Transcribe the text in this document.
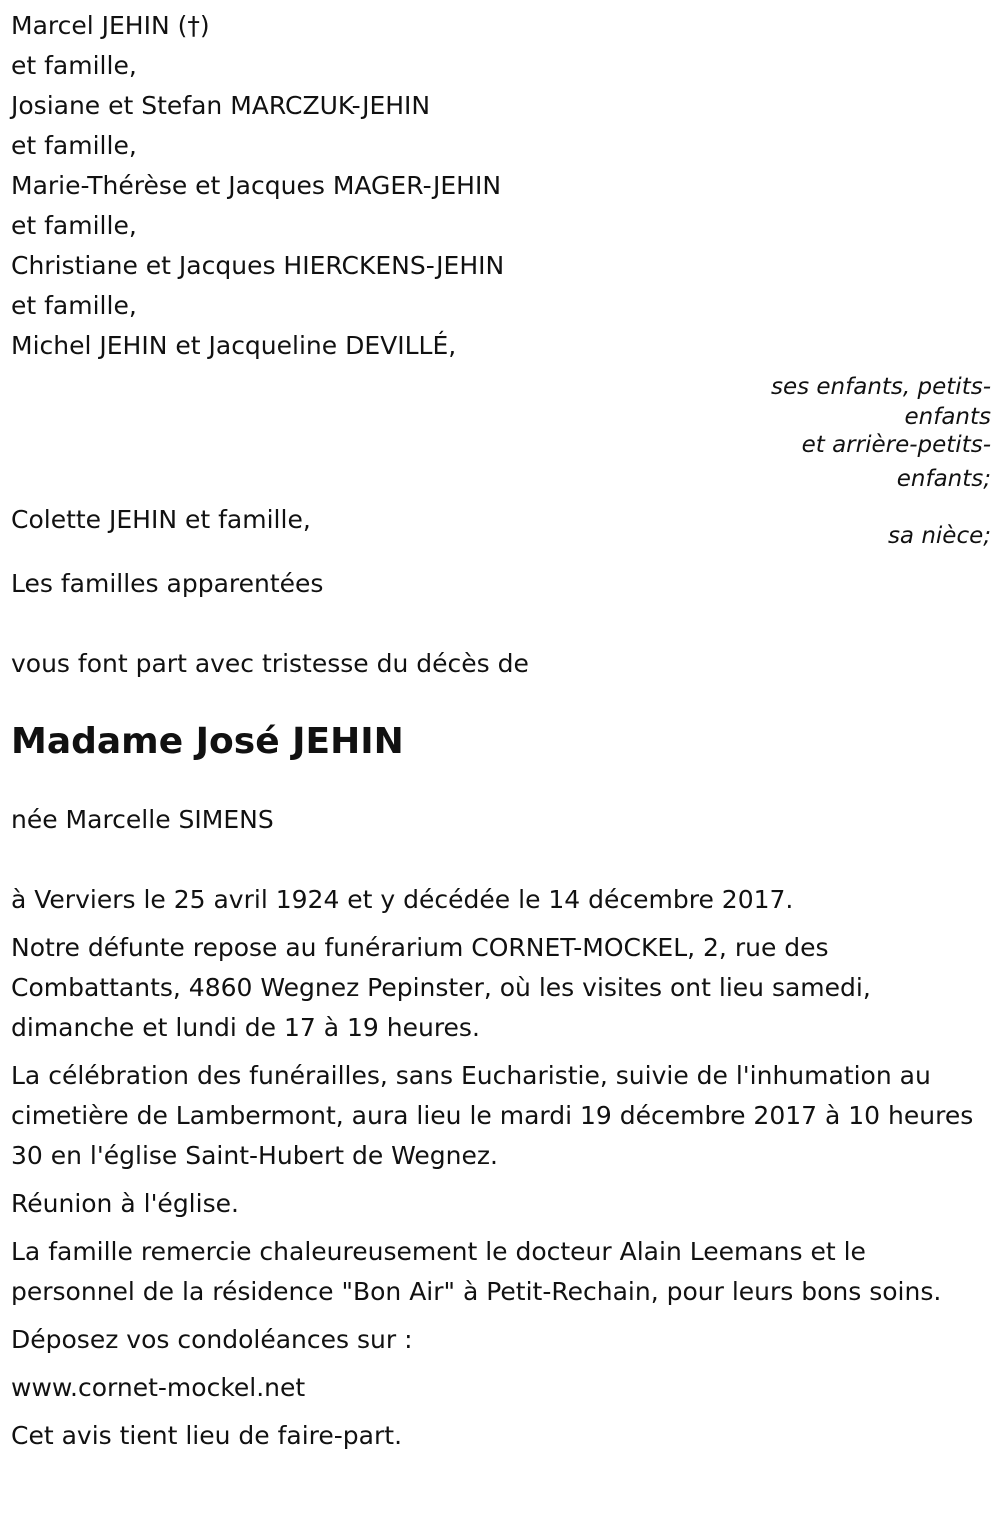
Marcel JEHIN (†)
et famille,
Josiane et Stefan MARCZUK-JEHIN
et famille,
Marie-Thérèse et Jacques MAGER-JEHIN
et famille,
Christiane et Jacques HIERCKENS-JEHIN
et famille,
Michel JEHIN et Jacqueline DEVILLÉ,
ses enfants, petits-
enfants
et arrière-petits-
enfants;
Colette JEHIN et famille,
sa nièce;
Les familles apparentées
vous font part avec tristesse du décès de
Madame José JEHIN
née Marcelle SIMENS
à Verviers le 25 avril 1924 et y décédée le 14 décembre 2017.
Notre défunte repose au funérarium CORNET-MOCKEL, 2, rue des Combattants, 4860 Wegnez Pepinster, où les visites ont lieu samedi, dimanche et lundi de 17 à 19 heures.
La célébration des funérailles, sans Eucharistie, suivie de l'inhumation au cimetière de Lambermont, aura lieu le mardi 19 décembre 2017 à 10 heures 30 en l'église Saint-Hubert de Wegnez.
Réunion à l'église.
La famille remercie chaleureusement le docteur Alain Leemans et le personnel de la résidence "Bon Air" à Petit-Rechain, pour leurs bons soins.
Déposez vos condoléances sur :
www.cornet-mockel.net
Cet avis tient lieu de faire-part.
